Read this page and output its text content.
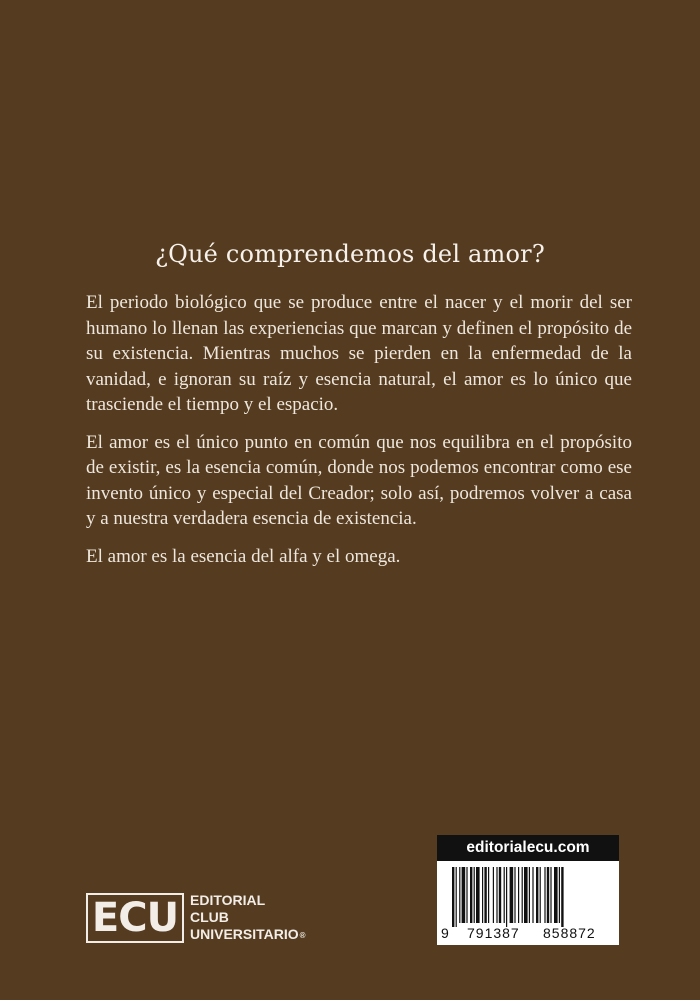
¿Qué comprendemos del amor?

El periodo biológico que se produce entre el nacer y el morir del ser humano lo llenan las experiencias que marcan y definen el propósito de su existencia. Mientras muchos se pierden en la enfermedad de la vanidad, e ignoran su raíz y esencia natural, el amor es lo único que trasciende el tiempo y el espacio.

El amor es el único punto en común que nos equilibra en el propósito de existir, es la esencia común, donde nos podemos encontrar como ese invento único y especial del Creador; solo así, podremos volver a casa y a nuestra verdadera esencia de existencia.

El amor es la esencia del alfa y el omega.

ECU EDITORIAL
CLUB
UNIVERSITARIO®
editorialecu.com
9 791387 858872
